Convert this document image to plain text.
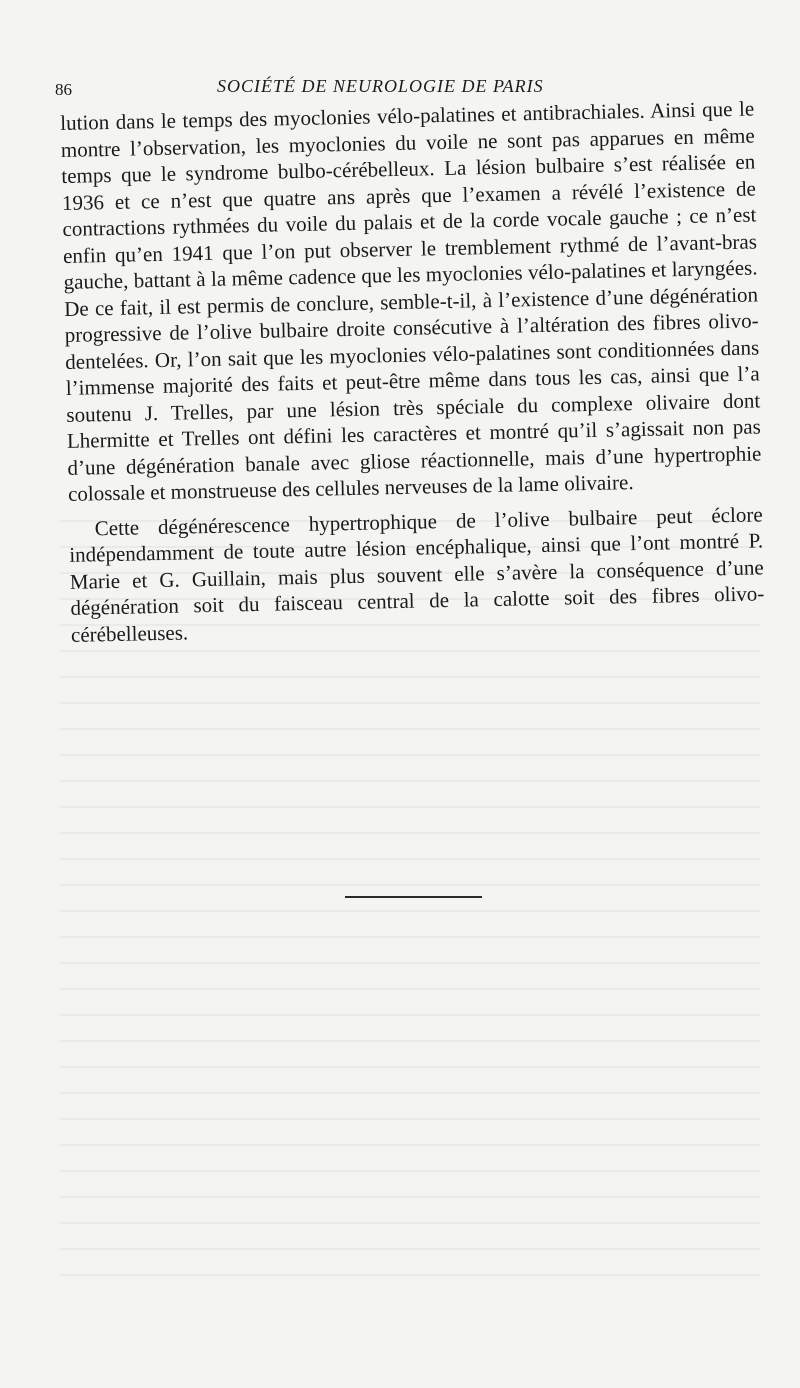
86	SOCIÉTÉ DE NEUROLOGIE DE PARIS

lution dans le temps des myoclonies vélo-palatines et antibrachiales. Ainsi que le montre l’observation, les myoclonies du voile ne sont pas apparues en même temps que le syndrome bulbo-cérébelleux. La lésion bulbaire s’est réalisée en 1936 et ce n’est que quatre ans après que l’examen a révélé l’existence de contractions rythmées du voile du palais et de la corde vocale gauche ; ce n’est enfin qu’en 1941 que l’on put observer le tremblement rythmé de l’avant-bras gauche, battant à la même cadence que les myoclonies vélo-palatines et laryngées. De ce fait, il est permis de conclure, semble-t-il, à l’existence d’une dégénération progressive de l’olive bulbaire droite consécutive à l’altération des fibres olivo-dentelées. Or, l’on sait que les myoclonies vélo-palatines sont conditionnées dans l’immense majorité des faits et peut-être même dans tous les cas, ainsi que l’a soutenu J. Trelles, par une lésion très spéciale du complexe olivaire dont Lhermitte et Trelles ont défini les caractères et montré qu’il s’agissait non pas d’une dégénération banale avec gliose réactionnelle, mais d’une hypertrophie colossale et monstrueuse des cellules nerveuses de la lame olivaire.

Cette dégénérescence hypertrophique de l’olive bulbaire peut éclore indépendamment de toute autre lésion encéphalique, ainsi que l’ont montré P. Marie et G. Guillain, mais plus souvent elle s’avère la conséquence d’une dégénération soit du faisceau central de la calotte soit des fibres olivo-cérébelleuses.
